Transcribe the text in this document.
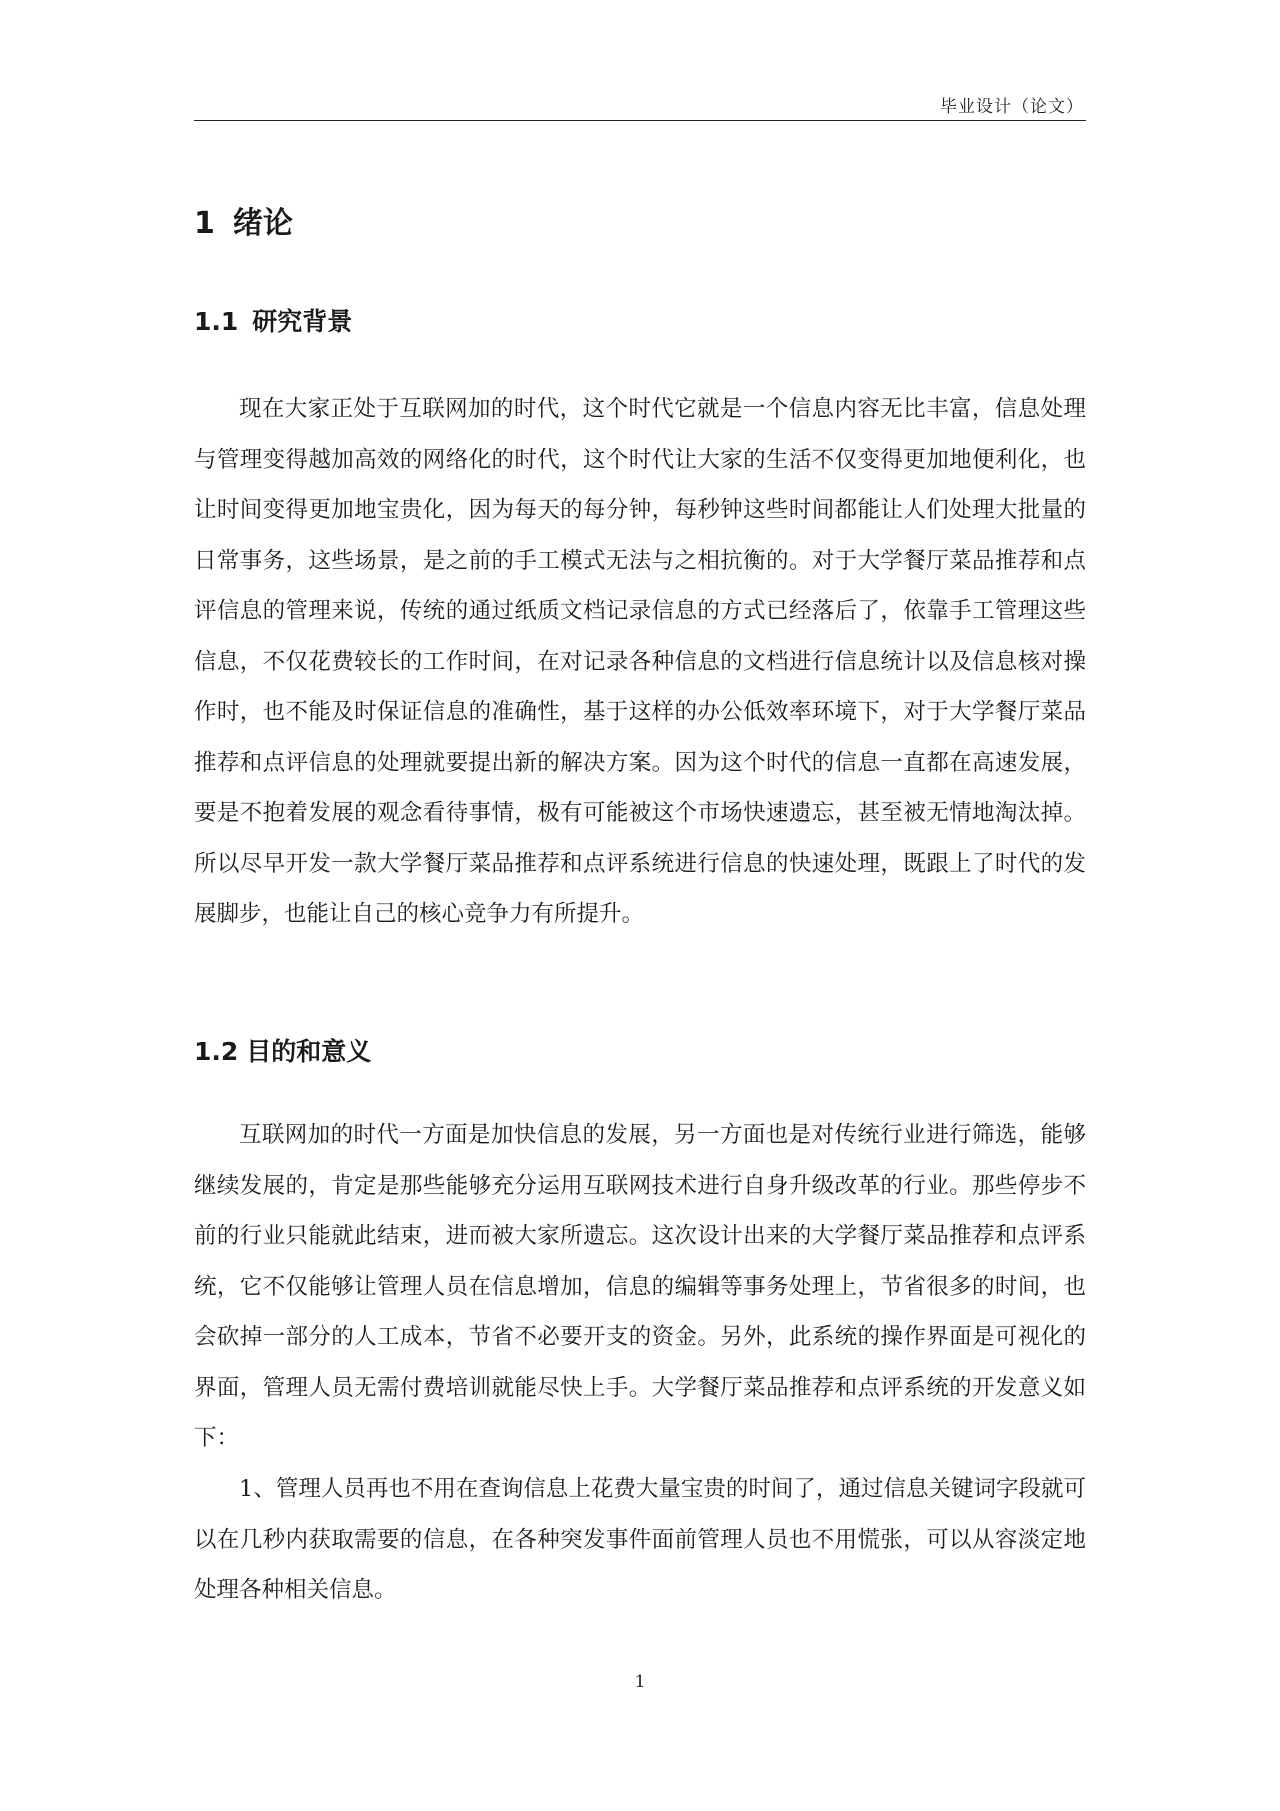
毕业设计（论文）
1 绪论
1.1 研究背景

现在大家正处于互联网加的时代，这个时代它就是一个信息内容无比丰富，信息处理与管理变得越加高效的网络化的时代，这个时代让大家的生活不仅变得更加地便利化，也让时间变得更加地宝贵化，因为每天的每分钟，每秒钟这些时间都能让人们处理大批量的日常事务，这些场景，是之前的手工模式无法与之相抗衡的。对于大学餐厅菜品推荐和点评信息的管理来说，传统的通过纸质文档记录信息的方式已经落后了，依靠手工管理这些信息，不仅花费较长的工作时间，在对记录各种信息的文档进行信息统计以及信息核对操作时，也不能及时保证信息的准确性，基于这样的办公低效率环境下，对于大学餐厅菜品推荐和点评信息的处理就要提出新的解决方案。因为这个时代的信息一直都在高速发展，要是不抱着发展的观念看待事情，极有可能被这个市场快速遗忘，甚至被无情地淘汰掉。所以尽早开发一款大学餐厅菜品推荐和点评系统进行信息的快速处理，既跟上了时代的发展脚步，也能让自己的核心竞争力有所提升。

1.2 目的和意义

互联网加的时代一方面是加快信息的发展，另一方面也是对传统行业进行筛选，能够继续发展的，肯定是那些能够充分运用互联网技术进行自身升级改革的行业。那些停步不前的行业只能就此结束，进而被大家所遗忘。这次设计出来的大学餐厅菜品推荐和点评系统，它不仅能够让管理人员在信息增加，信息的编辑等事务处理上，节省很多的时间，也会砍掉一部分的人工成本，节省不必要开支的资金。另外，此系统的操作界面是可视化的界面，管理人员无需付费培训就能尽快上手。大学餐厅菜品推荐和点评系统的开发意义如下：

1、管理人员再也不用在查询信息上花费大量宝贵的时间了，通过信息关键词字段就可以在几秒内获取需要的信息，在各种突发事件面前管理人员也不用慌张，可以从容淡定地处理各种相关信息。

1
